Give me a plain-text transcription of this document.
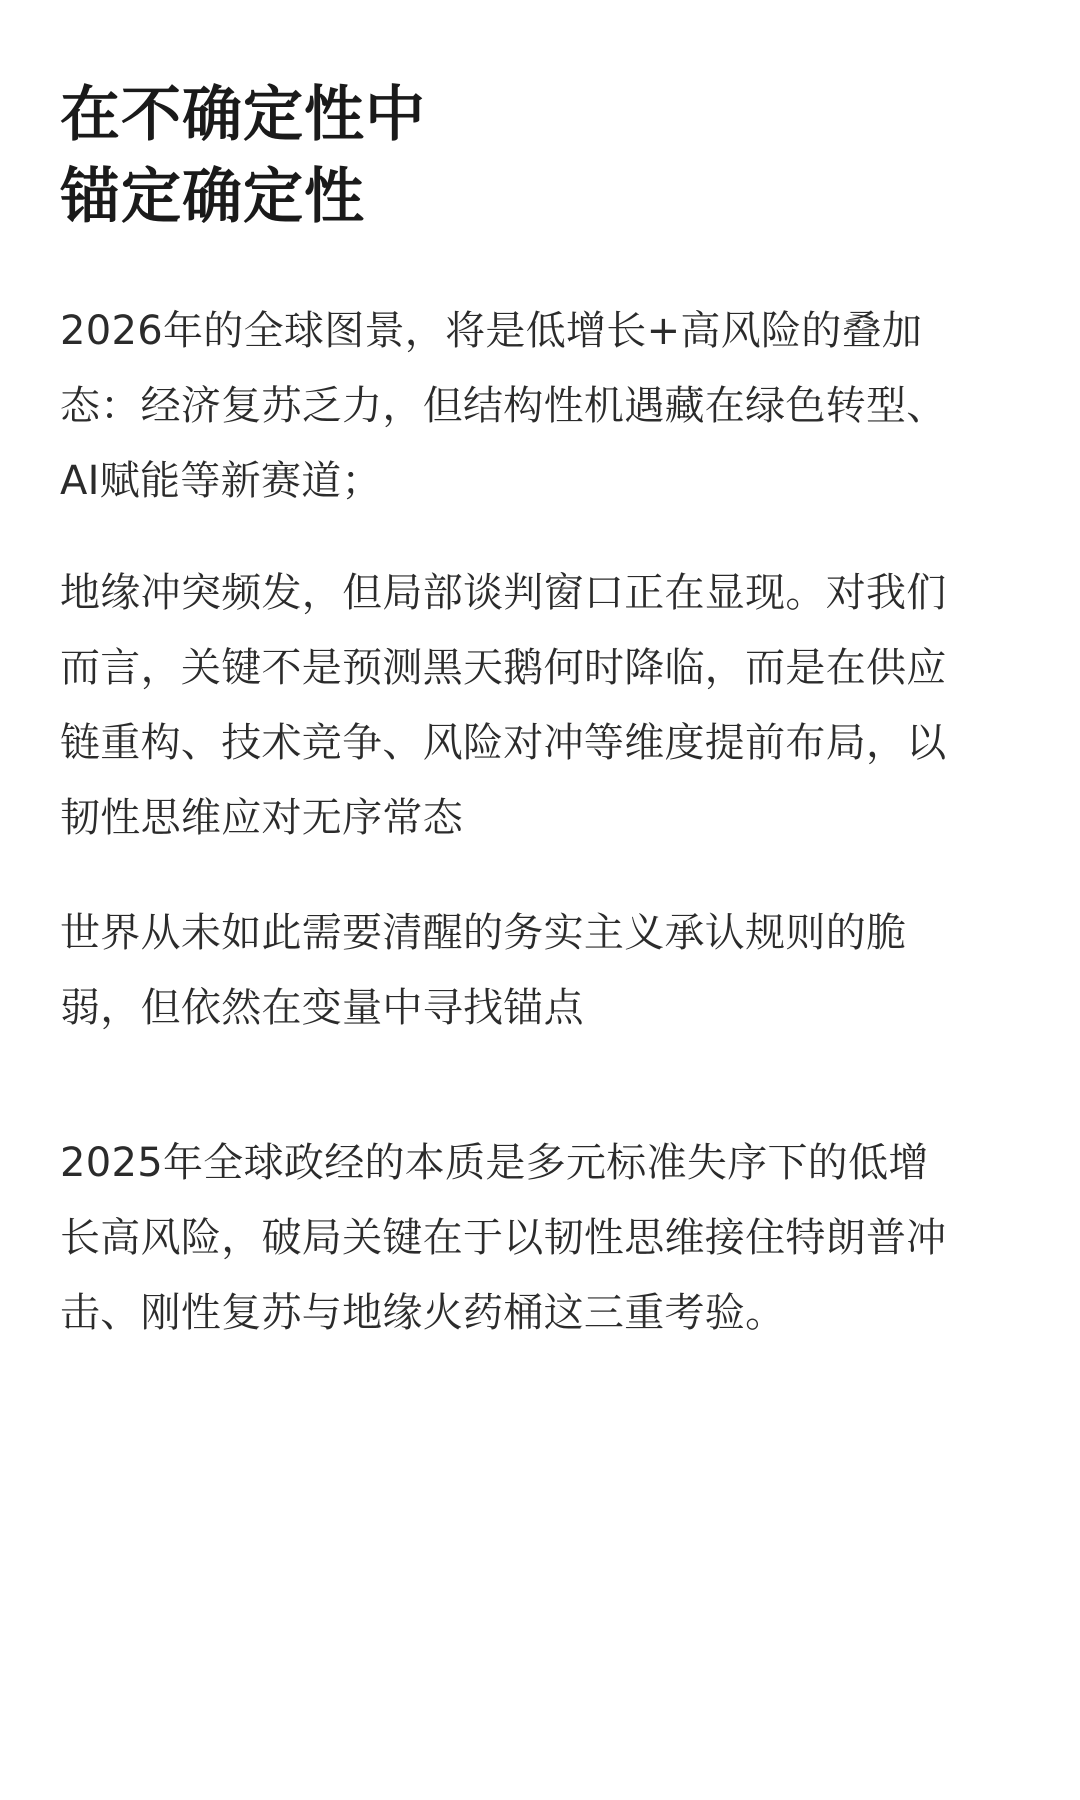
在不确定性中
锚定确定性

2026年的全球图景，将是低增长+高风险的叠加
态：经济复苏乏力，但结构性机遇藏在绿色转型、
AI赋能等新赛道；

地缘冲突频发，但局部谈判窗口正在显现。对我们
而言，关键不是预测黑天鹅何时降临，而是在供应
链重构、技术竞争、风险对冲等维度提前布局，以
韧性思维应对无序常态

世界从未如此需要清醒的务实主义承认规则的脆
弱，但依然在变量中寻找锚点

2025年全球政经的本质是多元标准失序下的低增
长高风险，破局关键在于以韧性思维接住特朗普冲
击、刚性复苏与地缘火药桶这三重考验。
